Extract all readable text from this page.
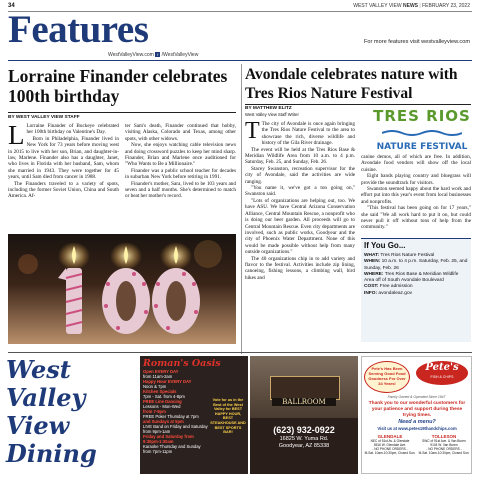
34	WEST VALLEY VIEW NEWS | FEBRUARY 23, 2022
Features
WestValleyView.com f /WestValleyView
For more features visit westvalleyview.com
Lorraine Finander celebrates 100th birthday
BY WEST VALLEY VIEW STAFF
L Lorraine Finander of Buckeye celebrated her 100th birthday on Valentine's Day.

Born in Philadelphia, Finander lived in New York for 73 years before moving west in 2015 to live with her son, Brian, and daughter-in-law, Marlene. Finander also has a daughter, Janet, who lives in Florida with her husband, Sam, whom she married in 1943. They were together for 45 years, until Sam died from cancer in 1988.

The Finanders traveled to a variety of spots, including the former Soviet Union, China and South America. Af-

ter Sam's death, Finander continued that hobby, visiting Alaska, Colorado and Texas, among other spots, with other widows.

Now, she enjoys watching cable television news and doing crossword puzzles to keep her mind sharp. Finander, Brian and Marlene once auditioned for "Who Wants to Be a Millionaire."

Finander was a public school teacher for decades in suburban New York before retiring in 1991.

Finander's mother, Sara, lived to be 103 years and seven and a half months. She's determined to match or beat her mother's record.

Avondale celebrates nature with Tres Rios Nature Festival
BY MATTHEW ELITZ
West Valley View Staff Writer
T The city of Avondale is once again bringing the Tres Rios Nature Festival to the area to showcase the rich, diverse wildlife and history of the Gila River drainage.

The event will be held at the Tres Rios Base & Meridian Wildlife Area from 10 a.m. to 4 p.m. Saturday, Feb. 25, and Sunday, Feb. 26.

Stacey Swanston, recreation supervisor for the city of Avondale, said the activities are wide ranging.

"You name it, we've got a ton going on," Swanston said.

"Lots of organizations are helping out, too. We have ASU. We have Central Arizona Conservation Alliance, Central Mountain Rescue, a nonprofit who is doing our beer garden. All proceeds will go to Central Mountain Rescue. Even city departments are involved, such as public works, Goodyear and the city of Phoenix Water Department. None of this would be made possible without help from many outside organizations."

The 40 organizations chip in to add variety and flavor to the festival. Activities include zip lining, canoeing, fishing lessons, a climbing wall, bird hikes and

TRES RIOS
NATURE FESTIVAL

canine demos, all of which are free. In addition, Avondale food vendors will show off the local cuisine.

Eight bands playing country and bluegrass will provide the soundtrack for visitors.

Swanston seemed happy about the hard work and effort put into this year's event from local businesses and nonprofits.

"This festival has been going on for 17 years," she said "We all work hard to put it on, but could never pull it off without tons of help from the community."

If You Go...
WHAT: Tres Rios Nature Festival
WHEN: 10 a.m. to 4 p.m. Saturday, Feb. 25, and Sunday, Feb. 26
WHERE: Tres Rios Base & Meridian Wildlife Area off of South Avondale Boulevard
COST: Free admission
INFO: avondaleaz.gov
West Valley
View Dining
Roman's Oasis
Open EVERY DAY
from 11am-2am
Happy Hour EVERY DAY
Noon & 7pm
Kitchen Specials
7pm - Sat. from 4-8pm
FREE Line Dancing
Lessons - Mon-Wed
from 7-9pm
FREE Poker Thursday at 7pm
and Sundays at 5pm
LIVE Band on Friday and Saturday from 9pm-1am
Friday and Saturday from 9:30pm-1:30am
Karaoke Thursday and Sunday from 7pm-11pm
Vote for us in the Best of the West Valley for BEST HAPPY HOUR, BEST STEAKHOUSE AND BEST SPORTS BAR!
BALLROOM
(623) 932-0922
16825 W. Yuma Rd.
Goodyear, AZ 85338
Pete's Has Been Serving Good Food Goodness For Over 34 Years!
Pete's
FISH & CHIPS
Family Owned & Operated Since 1947
Thank you to our wonderful customers for your patience and support during these trying times.
Need a menu?
Visit us at www.petes19thandchips.com
GLENDALE
NEC of 51st Av. & Glendale
5516 W. Glendale Ave.
- NO PHONE ORDERS -
M-Sat. 10am-10:30pm, Closed Sun.
TOLLESON
SWC of 91st Ave. & Van Buren
9104 W. Van Buren
- NO PHONE ORDERS -
M-Sat. 10am-10:30pm, Closed Sun.
